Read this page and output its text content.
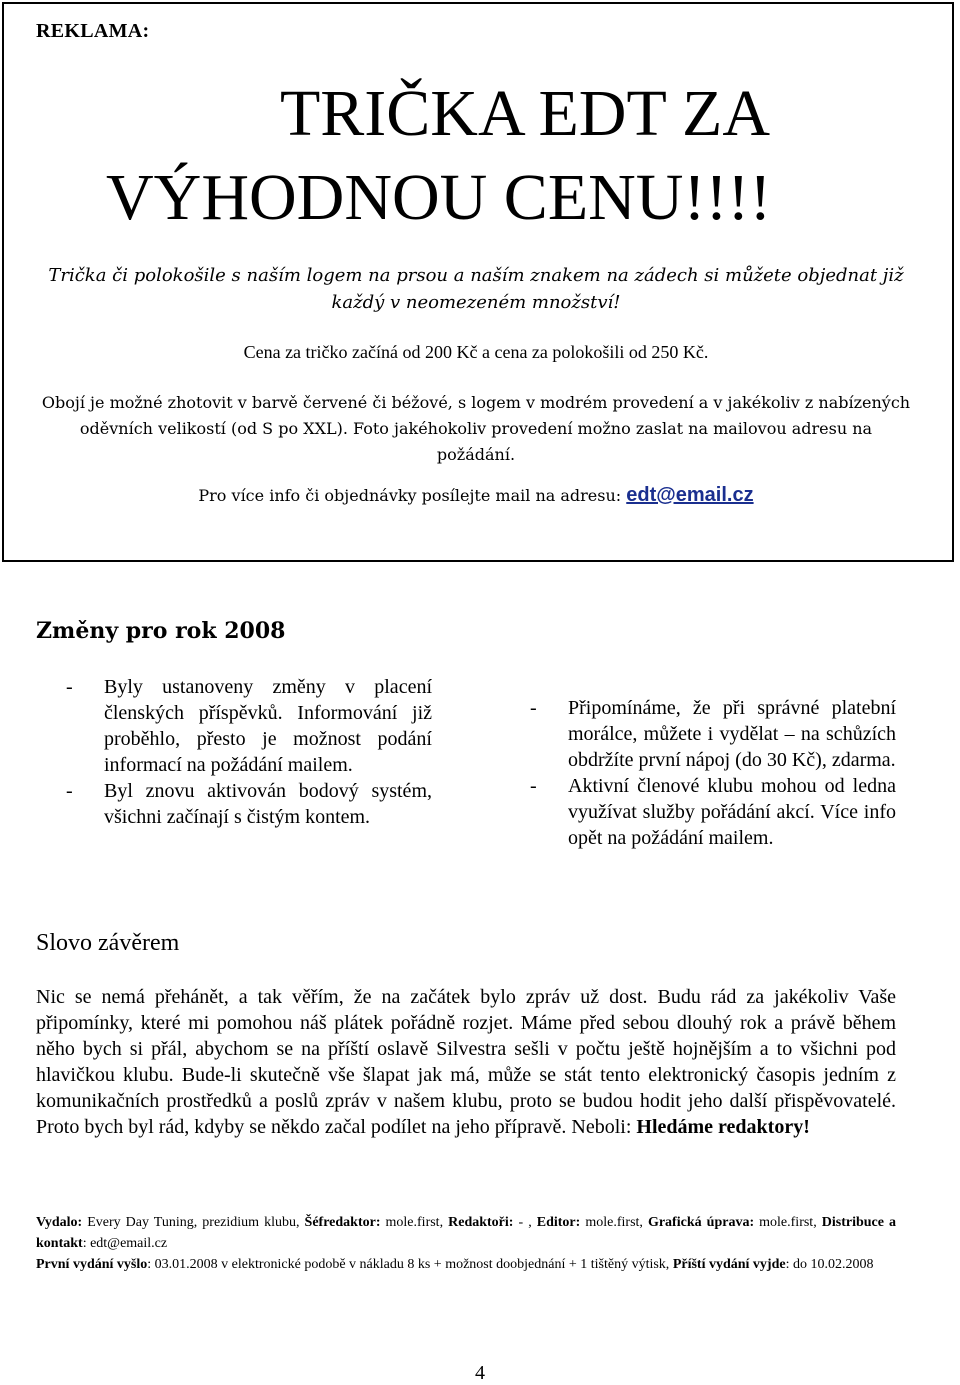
REKLAMA:
TRIČKA EDT ZA
VÝHODNOU CENU!!!!
Trička či polokošile s naším logem na prsou a naším znakem na zádech si můžete objednat již každý v neomezeném množství!
Cena za tričko začíná od 200 Kč a cena za polokošili od 250 Kč.
Obojí je možné zhotovit v barvě červené či béžové, s logem v modrém provedení a v jakékoliv z nabízených oděvních velikostí (od S po XXL). Foto jakéhokoliv provedení možno zaslat na mailovou adresu na požádání.
Pro více info či objednávky posílejte mail na adresu: edt@email.cz
Změny pro rok 2008
-	Byly ustanoveny změny v placení členských příspěvků. Informování již proběhlo, přesto je možnost podání informací na požádání mailem.
-	Byl znovu aktivován bodový systém, všichni začínají s čistým kontem.
-	Připomínáme, že při správné platební morálce, můžete i vydělat – na schůzích obdržíte první nápoj (do 30 Kč), zdarma.
-	Aktivní členové klubu mohou od ledna využívat služby pořádání akcí. Více info opět na požádání mailem.
Slovo závěrem
Nic se nemá přehánět, a tak věřím, že na začátek bylo zpráv už dost. Budu rád za jakékoliv Vaše připomínky, které mi pomohou náš plátek pořádně rozjet. Máme před sebou dlouhý rok a právě během něho bych si přál, abychom se na příští oslavě Silvestra sešli v počtu ještě hojnějším a to všichni pod hlavičkou klubu. Bude-li skutečně vše šlapat jak má, může se stát tento elektronický časopis jedním z komunikačních prostředků a poslů zpráv v našem klubu, proto se budou hodit jeho další přispěvovatelé. Proto bych byl rád, kdyby se někdo začal podílet na jeho přípravě. Neboli: Hledáme redaktory!
Vydalo: Every Day Tuning, prezidium klubu, Šéfredaktor: mole.first, Redaktoři: - , Editor: mole.first, Grafická úprava: mole.first, Distribuce a kontakt: edt@email.cz
První vydání vyšlo: 03.01.2008 v elektronické podobě v nákladu 8 ks + možnost doobjednání + 1 tištěný výtisk, Příští vydání vyjde: do 10.02.2008
4
